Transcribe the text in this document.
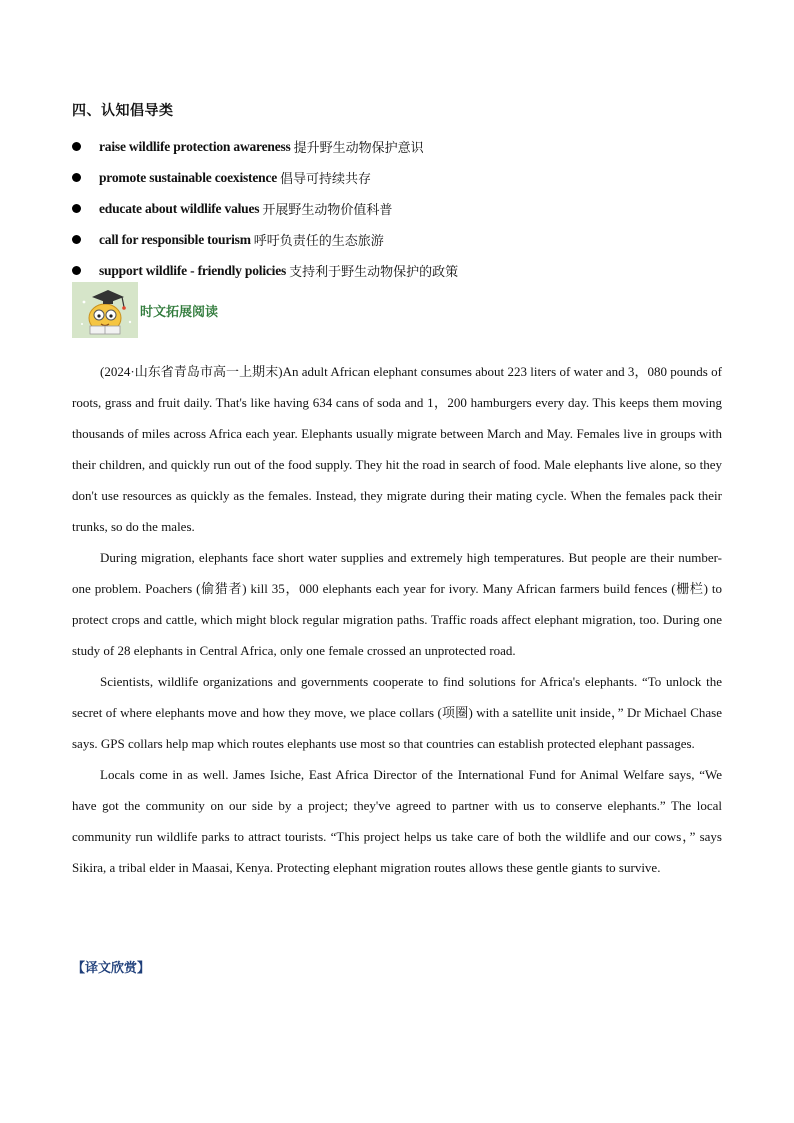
四、认知倡导类
raise wildlife protection awareness 提升野生动物保护意识
promote sustainable coexistence 倡导可持续共存
educate about wildlife values 开展野生动物价值科普
call for responsible tourism 呼吁负责任的生态旅游
support wildlife - friendly policies 支持利于野生动物保护的政策
时文拓展阅读

(2024·山东省青岛市高一上期末)An adult African elephant consumes about 223 liters of water and 3，080 pounds of roots, grass and fruit daily. That's like having 634 cans of soda and 1，200 hamburgers every day. This keeps them moving thousands of miles across Africa each year. Elephants usually migrate between March and May. Females live in groups with their children, and quickly run out of the food supply. They hit the road in search of food. Male elephants live alone, so they don't use resources as quickly as the females. Instead, they migrate during their mating cycle. When the females pack their trunks, so do the males.

During migration, elephants face short water supplies and extremely high temperatures. But people are their number- one problem. Poachers (偷猎者) kill 35，000 elephants each year for ivory. Many African farmers build fences (栅栏) to protect crops and cattle, which might block regular migration paths. Traffic roads affect elephant migration, too. During one study of 28 elephants in Central Africa, only one female crossed an unprotected road.

Scientists, wildlife organizations and governments cooperate to find solutions for Africa's elephants. “To unlock the secret of where elephants move and how they move, we place collars (项圈) with a satellite unit inside，” Dr Michael Chase says. GPS collars help map which routes elephants use most so that countries can establish protected elephant passages.

Locals come in as well. James Isiche, East Africa Director of the International Fund for Animal Welfare says, “We have got the community on our side by a project; they've agreed to partner with us to conserve elephants.” The local community run wildlife parks to attract tourists. “This project helps us take care of both the wildlife and our cows，” says Sikira, a tribal elder in Maasai, Kenya. Protecting elephant migration routes allows these gentle giants to survive.

【译文欣赏】
